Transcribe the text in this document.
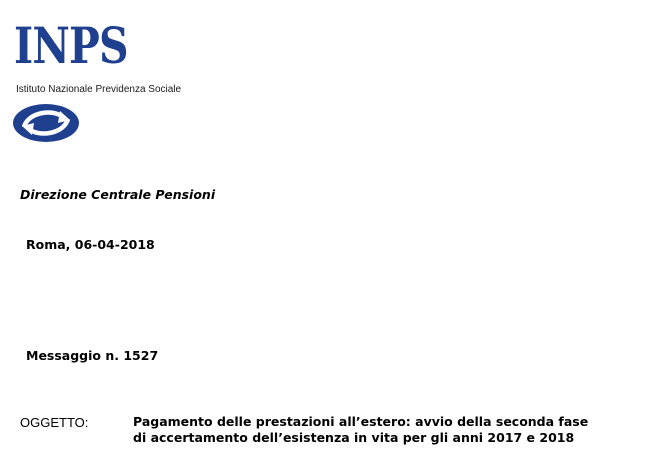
INPS
Istituto Nazionale Previdenza Sociale
Direzione Centrale Pensioni
Roma, 06-04-2018
Messaggio n. 1527
OGGETTO:	Pagamento delle prestazioni all’estero: avvio della seconda fase
di accertamento dell’esistenza in vita per gli anni 2017 e 2018
